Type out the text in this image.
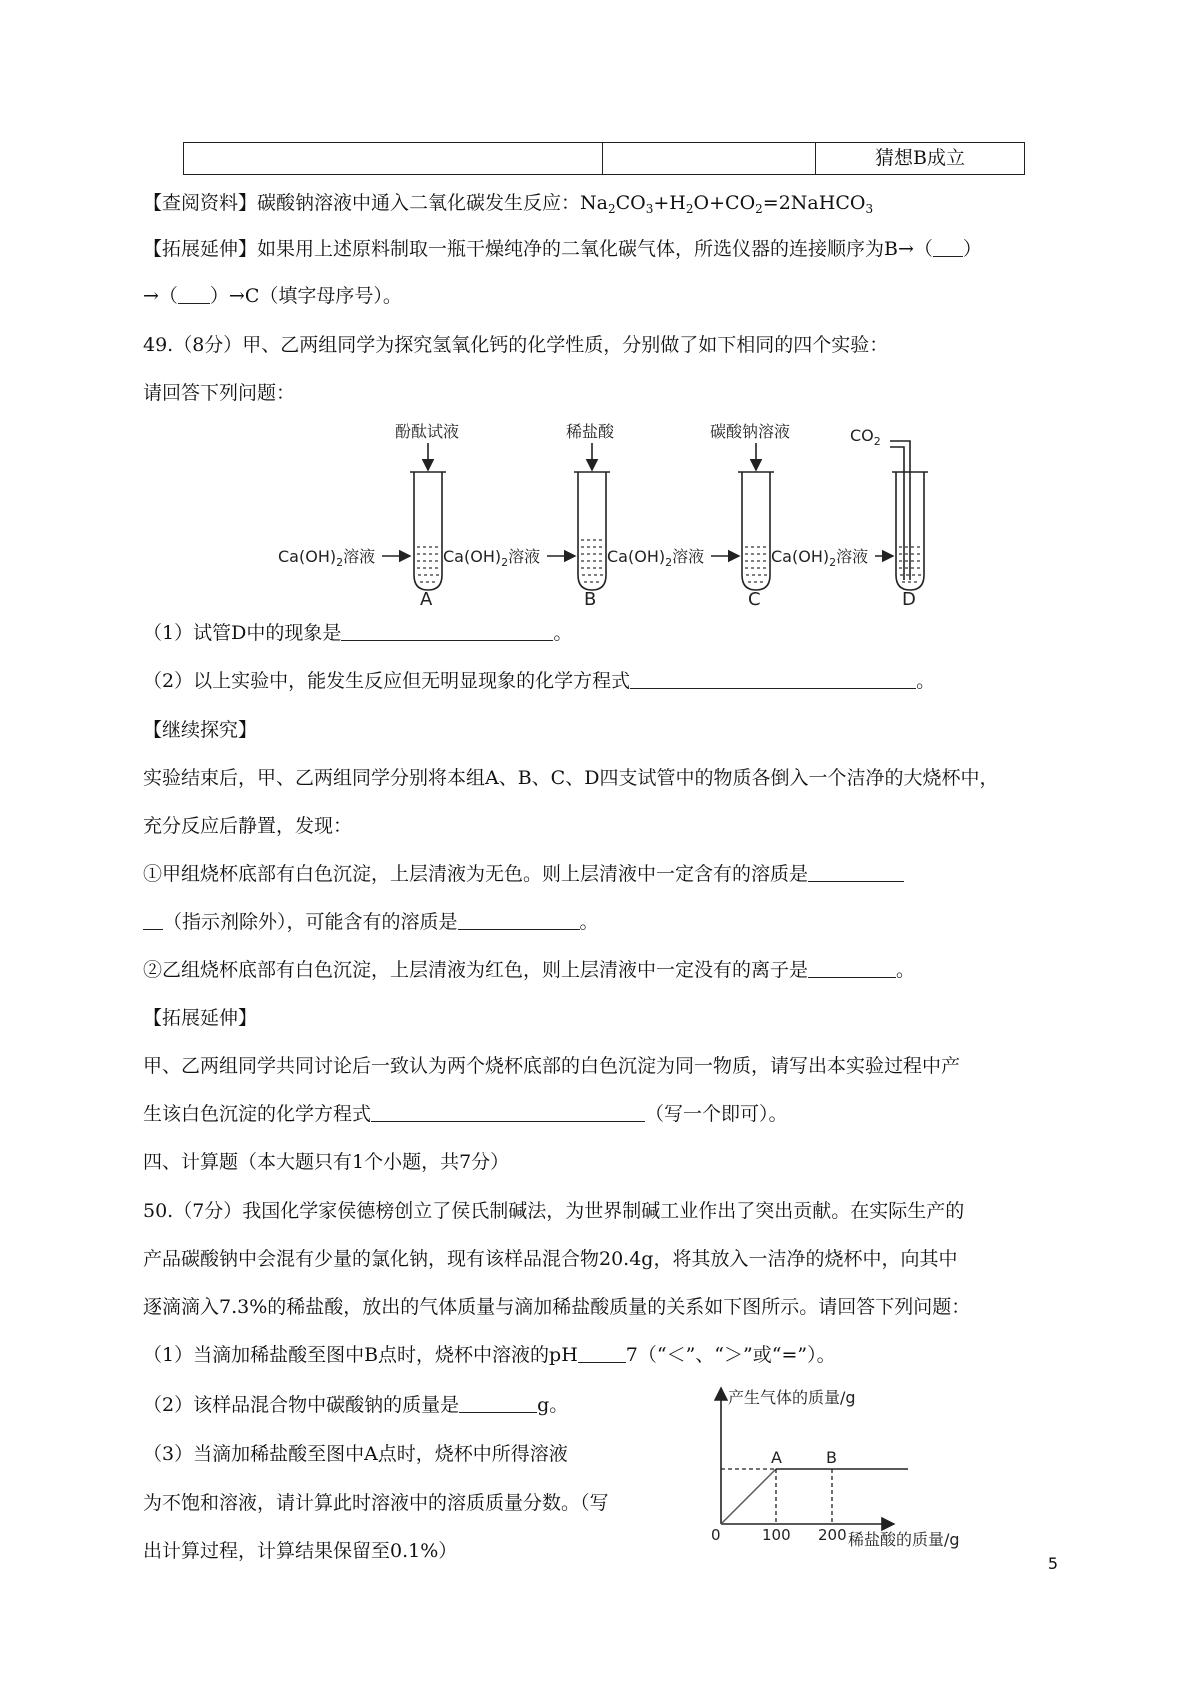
猜想B成立
【查阅资料】碳酸钠溶液中通入二氧化碳发生反应：$Na_2CO_3+H_2O+CO_2=2NaHCO_3$
【拓展延伸】如果用上述原料制取一瓶干燥纯净的二氧化碳气体，所选仪器的连接顺序为B→（ ）
→（ ）→C（填字母序号）。
49.（8分）甲、乙两组同学为探究氢氧化钙的化学性质，分别做了如下相同的四个实验：
请回答下列问题：
酚酞试液	稀盐酸	碳酸钠溶液	$CO_2$
$Ca(OH)_2$溶液	$Ca(OH)_2$溶液	$Ca(OH)_2$溶液	$Ca(OH)_2$溶液
A	B	C	D
（1）试管D中的现象是	。
（2）以上实验中，能发生反应但无明显现象的化学方程式	。
【继续探究】
实验结束后，甲、乙两组同学分别将本组A、B、C、D四支试管中的物质各倒入一个洁净的大烧杯中，
充分反应后静置，发现：
①甲组烧杯底部有白色沉淀，上层清液为无色。则上层清液中一定含有的溶质是
（指示剂除外），可能含有的溶质是	。
②乙组烧杯底部有白色沉淀，上层清液为红色，则上层清液中一定没有的离子是	。
【拓展延伸】
甲、乙两组同学共同讨论后一致认为两个烧杯底部的白色沉淀为同一物质，请写出本实验过程中产
生该白色沉淀的化学方程式	（写一个即可）。
四、计算题（本大题只有1个小题，共7分）
50.（7分）我国化学家侯德榜创立了侯氏制碱法，为世界制碱工业作出了突出贡献。在实际生产的
产品碳酸钠中会混有少量的氯化钠，现有该样品混合物20.4g，将其放入一洁净的烧杯中，向其中
逐滴滴入7.3%的稀盐酸，放出的气体质量与滴加稀盐酸质量的关系如下图所示。请回答下列问题：
（1）当滴加稀盐酸至图中B点时，烧杯中溶液的pH	7（“＜”、“＞”或“=”）。
（2）该样品混合物中碳酸钠的质量是	g。
（3）当滴加稀盐酸至图中A点时，烧杯中所得溶液
为不饱和溶液，请计算此时溶液中的溶质质量分数。（写
出计算过程，计算结果保留至0.1%）
产生气体的质量/g
稀盐酸的质量/g
0	100 200
A	B
5
